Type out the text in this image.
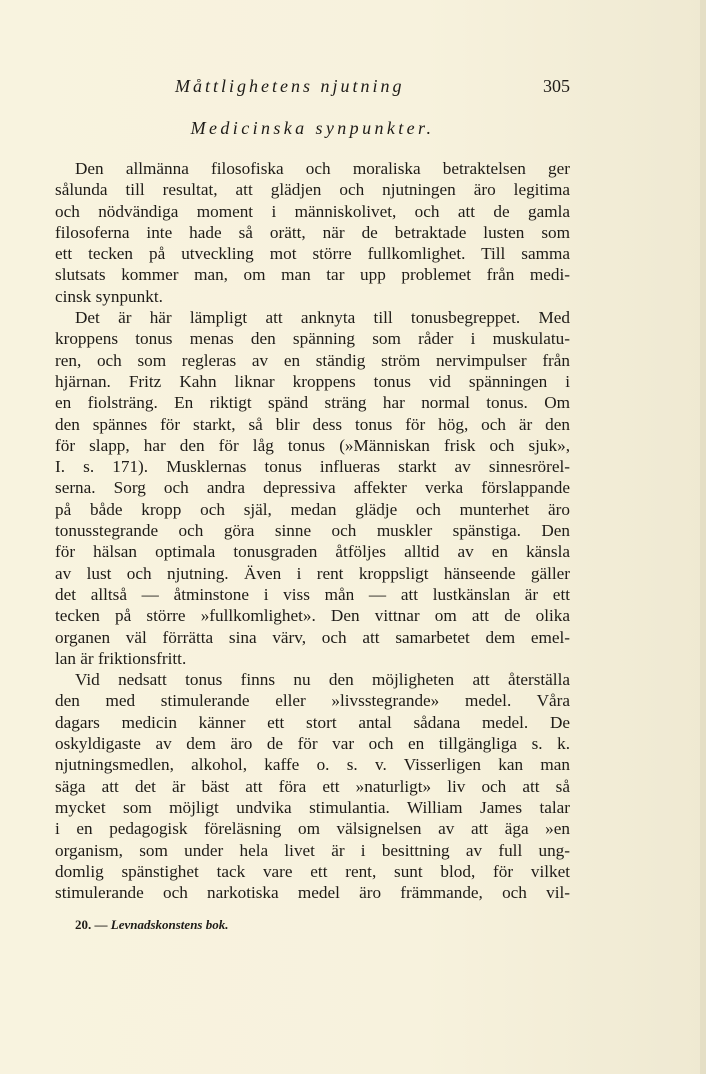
Måttlighetens njutning	305
Medicinska synpunkter.
Den allmänna filosofiska och moraliska betraktelsen ger
sålunda till resultat, att glädjen och njutningen äro legitima
och nödvändiga moment i människolivet, och att de gamla
filosoferna inte hade så orätt, när de betraktade lusten som
ett tecken på utveckling mot större fullkomlighet. Till samma
slutsats kommer man, om man tar upp problemet från medi-
cinsk synpunkt.
Det är här lämpligt att anknyta till tonusbegreppet. Med
kroppens tonus menas den spänning som råder i muskulatu-
ren, och som regleras av en ständig ström nervimpulser från
hjärnan. Fritz Kahn liknar kroppens tonus vid spänningen i
en fiolsträng. En riktigt spänd sträng har normal tonus. Om
den spännes för starkt, så blir dess tonus för hög, och är den
för slapp, har den för låg tonus (»Människan frisk och sjuk»,
I. s. 171). Musklernas tonus influeras starkt av sinnesrörel-
serna. Sorg och andra depressiva affekter verka förslappande
på både kropp och själ, medan glädje och munterhet äro
tonusstegrande och göra sinne och muskler spänstiga. Den
för hälsan optimala tonusgraden åtföljes alltid av en känsla
av lust och njutning. Även i rent kroppsligt hänseende gäller
det alltså — åtminstone i viss mån — att lustkänslan är ett
tecken på större »fullkomlighet». Den vittnar om att de olika
organen väl förrätta sina värv, och att samarbetet dem emel-
lan är friktionsfritt.
Vid nedsatt tonus finns nu den möjligheten att återställa
den med stimulerande eller »livsstegrande» medel. Våra
dagars medicin känner ett stort antal sådana medel. De
oskyldigaste av dem äro de för var och en tillgängliga s. k.
njutningsmedlen, alkohol, kaffe o. s. v. Visserligen kan man
säga att det är bäst att föra ett »naturligt» liv och att så
mycket som möjligt undvika stimulantia. William James talar
i en pedagogisk föreläsning om välsignelsen av att äga »en
organism, som under hela livet är i besittning av full ung-
domlig spänstighet tack vare ett rent, sunt blod, för vilket
stimulerande och narkotiska medel äro främmande, och vil-
20. — Levnadskonstens bok.
